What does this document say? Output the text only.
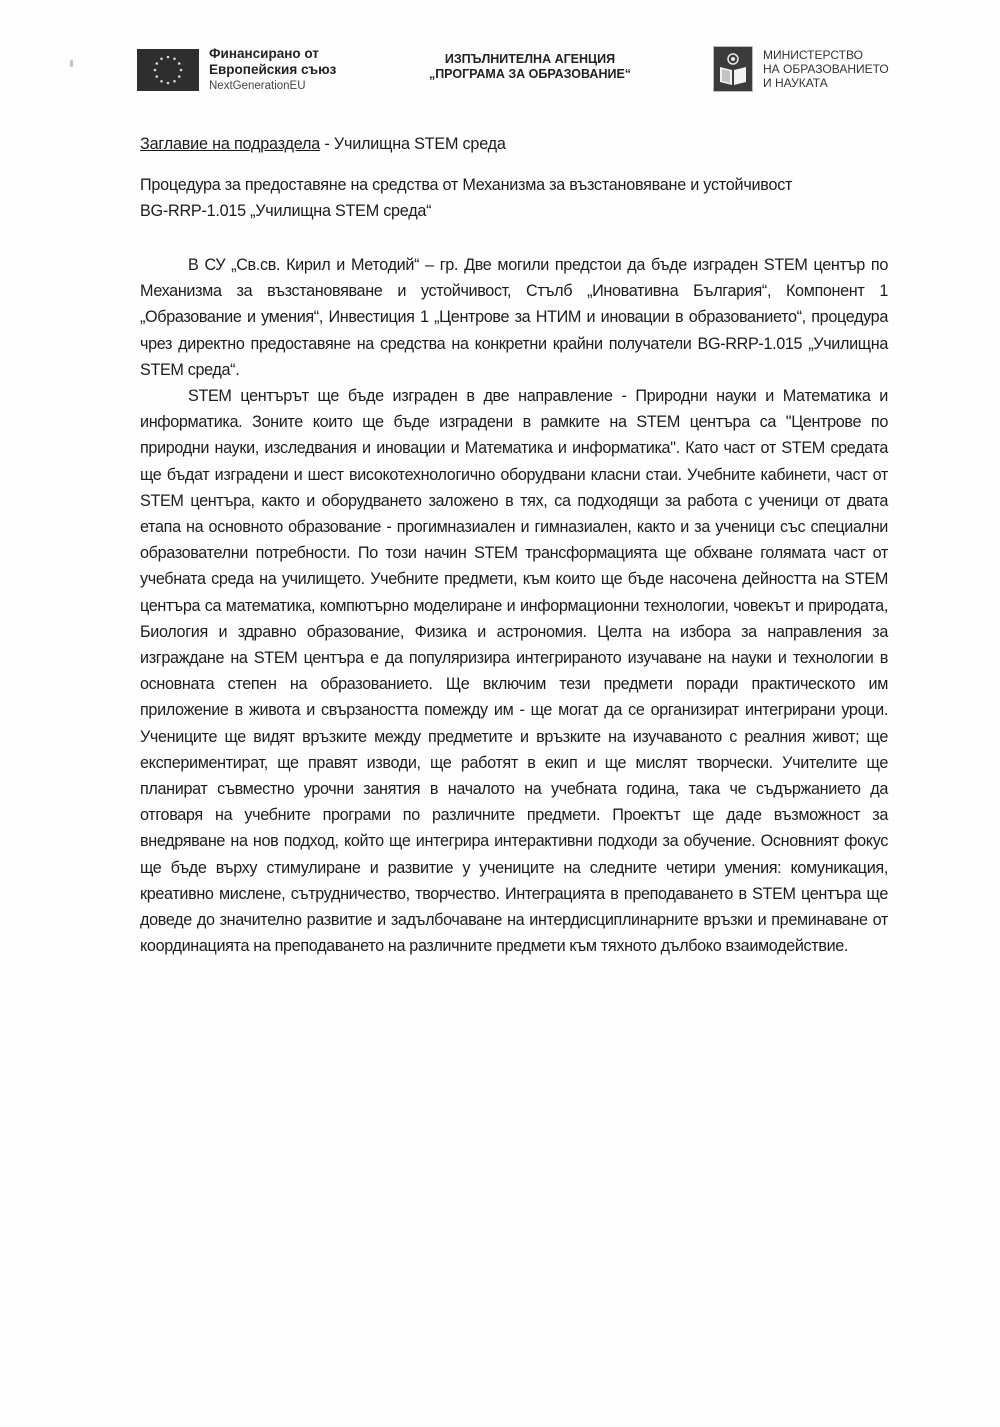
Финансирано от
Европейския съюз
NextGenerationEU
ИЗПЪЛНИТЕЛНА АГЕНЦИЯ
„ПРОГРАМА ЗА ОБРАЗОВАНИЕ“
МИНИСТЕРСТВО
НА ОБРАЗОВАНИЕТО
И НАУКАТА

Заглавие на подраздела - Училищна STEM среда

Процедура за предоставяне на средства от Механизма за възстановяване и устойчивост
BG-RRP-1.015 „Училищна STEM среда“

В СУ „Св.св. Кирил и Методий“ – гр. Две могили предстои да бъде изграден STEM център по Механизма за възстановяване и устойчивост, Стълб „Иновативна България“, Компонент 1 „Образование и умения“, Инвестиция 1 „Центрове за НТИМ и иновации в образованието“, процедура чрез директно предоставяне на средства на конкретни крайни получатели BG-RRP-1.015 „Училищна STEM среда“.

STEM центърът ще бъде изграден в две направление - Природни науки и Математика и информатика. Зоните които ще бъде изградени в рамките на STEM центъра са "Центрове по природни науки, изследвания и иновации и Математика и информатика". Като част от STEM средата ще бъдат изградени и шест високотехнологично оборудвани класни стаи. Учебните кабинети, част от STEM центъра, както и оборудването заложено в тях, са подходящи за работа с ученици от двата етапа на основното образование - прогимназиален и гимназиален, както и за ученици със специални образователни потребности. По този начин STEM трансформацията ще обхване голямата част от учебната среда на училището. Учебните предмети, към които ще бъде насочена дейността на STEM центъра са математика, компютърно моделиране и информационни технологии, човекът и природата, Биология и здравно образование, Физика и астрономия. Целта на избора за направления за изграждане на STEM центъра е да популяризира интегрираното изучаване на науки и технологии в основната степен на образованието. Ще включим тези предмети поради практическото им приложение в живота и свързаността помежду им - ще могат да се организират интегрирани уроци. Учениците ще видят връзките между предметите и връзките на изучаваното с реалния живот; ще експериментират, ще правят изводи, ще работят в екип и ще мислят творчески. Учителите ще планират съвместно урочни занятия в началото на учебната година, така че съдържанието да отговаря на учебните програми по различните предмети. Проектът ще даде възможност за внедряване на нов подход, който ще интегрира интерактивни подходи за обучение. Основният фокус ще бъде върху стимулиране и развитие у учениците на следните четири умения: комуникация, креативно мислене, сътрудничество, творчество. Интеграцията в преподаването в STEM центъра ще доведе до значително развитие и задълбочаване на интердисциплинарните връзки и преминаване от координацията на преподаването на различните предмети към тяхното дълбоко взаимодействие.
